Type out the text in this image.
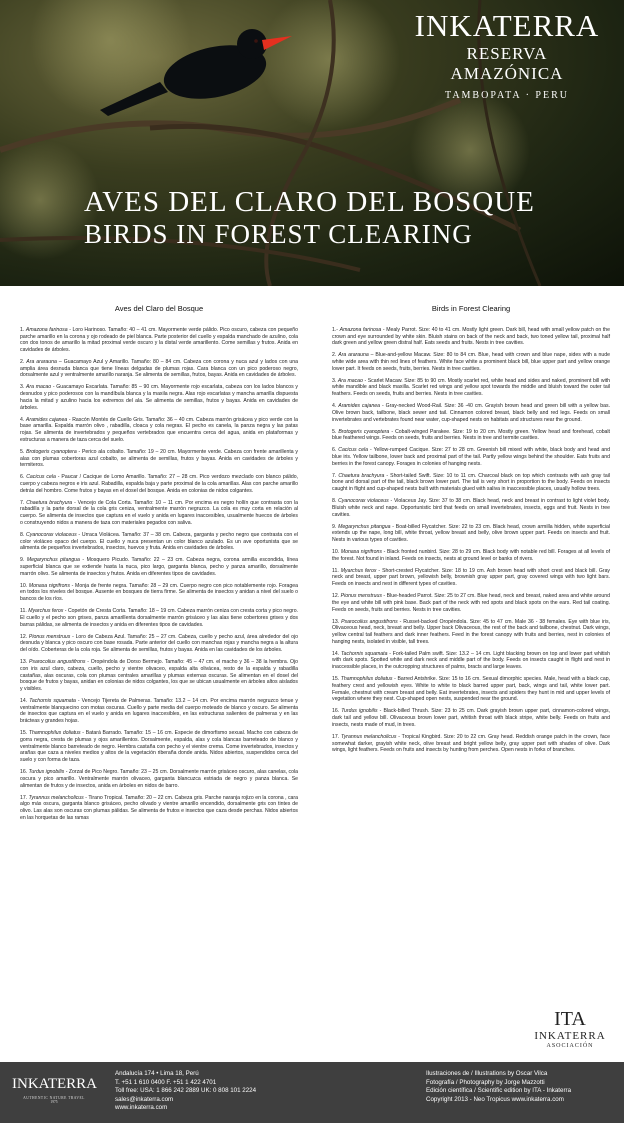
INKATERRA
RESERVA AMAZÓNICA
TAMBOPATA · PERU
AVES DEL CLARO DEL BOSQUE
BIRDS IN FOREST CLEARING
Aves del Claro del Bosque

1. Amazona farinosa - Loro Harinoso. Tamaño: 40 – 41 cm. Mayormente verde pálido. Pico oscuro, cabeza con pequeño parche amarillo en la corona y ojo rodeado de piel blanca. Parte posterior del cuello y espalda manchado de azulino, cola con dos tonos de amarillo la mitad proximal verde oscuro y la distal verde amarillento. Come semillas y frutos. Anida en cavidades de árboles.

2. Ara ararauna – Guacamayo Azul y Amarillo. Tamaño: 80 – 84 cm. Cabeza con corona y nuca azul y lados con una amplia área desnuda blanca que tiene líneas delgadas de plumas rojas. Cara blanca con un pico poderoso negro, dorsalmente azul y ventralmente amarillo naranja. Se alimenta de semillas, frutos, bayas. Anida en cavidades de árboles.

3. Ara macao - Guacamayo Escarlata. Tamaño: 85 – 90 cm. Mayormente rojo escarlata, cabeza con los lados blancos y desnudos y pico poderosos con la mandíbula blanca y la maxila negra. Alas rojo escarlatas y mancha amarilla dispuesta hacia la mitad y azulino hacia los extremos del ala. Se alimenta de semillas, frutos y bayas. Anida en cavidades de árboles.

4. Aramides cajanea - Rascón Montés de Cuello Gris. Tamaño: 36 – 40 cm. Cabeza marrón grisácea y pico verde con la base amarilla. Espalda marrón olivo , rabadilla, cloaca y cola negras. El pecho es canela, la panza negra y las patas rojas. Se alimenta de invertebrados y pequeños vertebrados que encuentra cerca del agua, anida en plataformas y estructuras a manera de taza cerca del suelo.

5. Brotogeris cyanoptera - Perico ala cobalto. Tamaño: 19 – 20 cm. Mayormente verde. Cabeza con frente amarillenta y alas con plumas cobertoras azul cobalto, se alimenta de semillas, frutos y bayas. Anida en cavidades de árboles y termiteros.

6. Cacicus cela - Paucar / Cacique de Lomo Amarillo. Tamaño: 27 – 28 cm. Pico verdozo mezclado con blanco pálido, cuerpo y cabeza negros e iris azul. Rabadilla, espalda baja y parte proximal de la cola amarillas. Alas con parche amarillo detrás del hombro. Come frutos y bayas en el dosel del bosque. Anida en colonias de nidos colgantes.

7. Chaetura brachyura - Vencejo de Cola Corta. Tamaño: 10 – 11 cm. Por encima es negro hollín que contrasta con la rabadilla y la parte dorsal de la cola gris ceniza, ventralmente marrón negruzco. La cola es muy corta en relación al cuerpo. Se alimenta de insectos que captura en el vuelo y anida en lugares inaccesibles, usualmente huecos de árboles o construyendo nidos a manera de taza con materiales pegados con saliva.

8. Cyanocorax violaceus - Urraca Violácea. Tamaño: 37 – 38 cm. Cabeza, garganta y pecho negro que contrasta con el color violáceo opaco del cuerpo. El cuello y nuca presentan un color blanco azulado. Es un ave oportunista que se alimenta de pequeños invertebrados, insectos, huevos y fruta. Anida en cavidades de árboles.

9. Megarynchus pitangua - Mosquero Picudo. Tamaño: 22 – 23 cm. Cabeza negra, corona armilla escondida, línea superficial blanca que se extiende hasta la nuca, pico largo, garganta blanca, pecho y panza amarillo, dorsalmente marrón olivo. Se alimenta de insectos y frutos. Anida en diferentes tipos de cavidades.

10. Monasa nigrifrons - Monja de frente negra. Tamaño: 28 – 29 cm. Cuerpo negro con pico notablemente rojo. Foragea en todos los niveles del bosque. Ausente en bosques de tierra firme. Se alimenta de insectos y anidan a nivel del suelo o bancos de los ríos.

11. Myarchus ferox - Copetón de Cresta Corta. Tamaño: 18 – 19 cm. Cabeza marrón ceniza con cresta corta y pico negro. El cuello y el pecho son grises, panza amarillenta dorsalmente marrón grisáceo y las alas tiene cobertores grises y dos barras pálidas, se alimenta de insectos y anida en diferentes tipos de cavidades.

12. Pionus menstruus - Loro de Cabeza Azul. Tamaño: 25 – 27 cm. Cabeza, cuello y pecho azul, área alrededor del ojo desnuda y blanca y pico oscuro con base rosada. Parte anterior del cuello con manchas rojas y mancha negra a la altura del oído. Coberteras de la cola roja. Se alimenta de semillas, frutos y bayas. Anida en las cavidades de los árboles.

13. Psarocolius angustifrons - Oropéndola de Dorso Bermejo. Tamaño: 45 – 47 cm. el macho y 36 – 38 la hembra. Ojo con iris azul claro, cabeza, cuello, pecho y vientre olivaceo, espalda alta olivácea, resto de la espalda y rabadilla castañas, alas oscuras, cola con plumas centrales amarillas y plumas externas oscuras. Se alimentan en el dosel del bosque de frutos y bayas, anidan en colonias de nidos colgantes, los que se ubican usualmente en árboles altos aislados y visibles.

14. Tachornis squamata - Vencejo Tijereta de Palmeras. Tamaño: 13.2 – 14 cm. Por encima marrón negruzco tenue y ventralmente blanquecino con motas oscuras. Cuello y parte media del cuerpo moteado de blanco y oscuro. Se alimenta de insectos que captura en el vuelo y anida en lugares inaccesibles, en las estructuras salientes de palmeras y en las brácteas y grandes hojas.

15. Thamnophilus doliatus - Batará Barrado. Tamaño: 15 – 16 cm. Especie de dimorfismo sexual. Macho con cabeza de gorra negra, cresta de plumas y ojos amarillentos. Dorsalmente, espalda, alas y cola blancas barreteado de blanco y ventralmente blanco barreteado de negro. Hembra castaña con pecho y el vientre crema. Come invertebrados, insectos y arañas que caza a niveles medios y altos de la vegetación riberaña donde anida. Nidos abiertos, suspendidos cerca del suelo y con forma de taza.

16. Turdus ignobilis - Zorzal de Pico Negro. Tamaño: 23 – 25 cm. Dorsalmente marrón grisáceo oscuro, alas canelas, cola oscura y pico amarillo. Ventralmente marrón olivaceo, garganta blancuzca estriada de negro y panza blanca. Se alimentan de frutos y de insectos, anida en árboles en nidos de barro.

17. Tyrannus melancholicus - Tirano Tropical. Tamaño: 20 – 22 cm. Cabeza gris. Parche naranja rojizo en la corona , cara algo más oscura, garganta blanco grisáceo, pecho olivado y vientre amarillo encendido, dorsalmente gris con tintes de olivo. Las alas son oscuras con plumas pálidas. Se alimenta de frutos e insectos que caza desde perchas. Nidos abiertos en las horquetas de las ramas

Birds in Forest Clearing

1.- Amazona farinosa - Mealy Parrot. Size: 40 to 41 cm. Mostly light green. Dark bill, head with small yellow patch on the crown and eye surrounded by white skin. Bluish stains on back of the neck and back, two toned yellow tail, proximal half dark green and yellow green distral half. Eats seeds and fruits. Nests in tree cavities.

2. Ara ararauna – Blue-and-yellow Macaw. Size: 80 to 84 cm. Blue, head with crown and blue nape, sides with a nude white wide area with thin red lines of feathers. White face white a prominent black bill, blue upper part and yellow orange lower part. It feeds on seeds, fruits, berries. Nests in tree cavities.

3. Ara macao - Scarlet Macaw. Size: 85 to 90 cm. Mostly scarlet red, white head and sides and naked, prominent bill with white mandible and black maxilla. Scarlet red wings and yellow spot towards the middle and bluish toward the outer tail feathers. Feeds on seeds, fruits and berries. Nests in tree cavities.

4. Aramides cajanea - Gray-necked Wood-Rail. Size: 36 -40 cm. Grayish brown head and green bill with a yellow bas. Olive brown back, tailbone, black sewer and tail. Cinnamon colored breast, black belly and red legs. Feeds on small invertebrates and vertebrates found near water, cup-shaped nests on habitats and structures near the ground.

5. Brotogeris cyanoptera - Cobalt-winged Parakee. Size: 19 to 20 cm. Mostly green. Yellow head and forehead, cobalt blue feathered wings. Feeds on seeds, fruits and berries. Nests in tree and termite cavities.

6. Cacicus cela - Yellow-rumped Cacique. Size: 27 to 28 cm. Greenish bill mixed with white, black body and head and blue iris. Yellow tailbone, lower back and proximal part of the tail. Partly yellow wings behind the shoulder. Eats fruits and berries in the forest canopy. Forages in colonies of hanging nests.

7. Chaetura brachyura - Short-tailed Swift. Size: 10 to 11 cm. Charcoal black on top which contrasts with ash gray tail bone and dorsal part of the tail, black brown lower part. The tail is very short in proportion to the body. Feeds on insects caught in flight and cup-shaped nests built with materials glued with saliva in inaccessible places, usually hollow trees.

8. Cyanocorax violaceus - Violaceus Jay. Size: 37 to 38 cm. Black head, neck and breast in contrast to light violet body. Bluish white neck and nape. Opportunistic bird that feeds on small invertebrates, insects, eggs and fruit. Nests in tree cavities.

9. Megarynchus pitangua - Boat-billed Flycatcher. Size: 22 to 23 cm. Black head, crown armilla hidden, white superficial extends up the nape, long bill, white throat, yellow breast and belly, olive brown upper part. Feeds on insects and fruit. Nests in various types of cavities.

10. Monasa nigrifrons - Black fronted nunbird. Size: 28 to 29 cm. Black body with notable red bill. Forages at all levels of the forest. Not found in inland. Feeds on insects, nests at ground level or banks of rivers.

11. Myarchus ferox - Short-crested Flycatcher. Size: 18 to 19 cm. Ash brown head with short crest and black bill. Gray neck and breast, upper part brown, yellowish belly, brownish gray upper part, gray covered wings with two light bars. Feeds on insects and nest in different types of cavities.

12. Pionus menstruus - Blue-headed Parrot. Size: 25 to 27 cm. Blue head, neck and breast, naked area and white around the eye and white bill with pink base. Back part of the neck with red spots and black spots on the ears. Red tail coating. Feeds on seeds, fruits and berries. Nests in tree cavities.

13. Psarocolius angustifrons - Russet-backed Oropéndola. Size: 45 to 47 cm. Male 36 - 38 females. Eye with blue iris, Olivaceous head, neck, breast and belly. Upper back Olivaceous, the rest of the back and tailbone, chestnut. Dark wings, yellow central tail feathers and dark inner feathers. Feed in the forest canopy with fruits and berries, nest in colonies of hanging nests, isolated in visible, tall trees.

14. Tachornis squamata - Fork-tailed Palm swift. Size: 13.2 – 14 cm. Light blacking brown on top and lower part whitish with dark spots. Spotted white and dark neck and middle part of the body. Feeds on insects caught in flight and nest in inaccessible places, in the outcropping structures of palms, bracts and large leaves.

15. Thamnophilus doliatus - Barred Antshrike. Size: 15 to 16 cm. Sexual dimorphic species. Male, head with a black cap, feathery crest and yellowish eyes. White to white to black barred upper part, back, wings and tail, white lower part. Female, chestnut with cream breast and belly. Eat invertebrates, insects and spiders they hunt in mid and upper levels of vegetation where they nest. Cup-shaped open nests, suspended near the ground.

16. Turdus ignobilis - Black-billed Thrush. Size: 23 to 25 cm. Dark grayish brown upper part, cinnamon-colored wings, dark tail and yellow bill. Olivaceous brown lower part, whitish throat with black stripe, white belly. Feeds on fruits and insects, nests made of mud, in trees.

17. Tyrannus melancholicus - Tropical Kingbird. Size: 20 to 22 cm. Gray head. Reddish orange patch in the crown, face somewhat darker, grayish white neck, olive breast and bright yellow belly, gray upper part with shades of olive. Dark wings, light feathers. Feeds on fruits and insects by hunting from perches. Open nests in forks of branches.

ITA
INKATERRA
ASOCIACIÓN
INKATERRA
AUTHENTIC NATURE TRAVEL
1975
Andalucía 174 • Lima 18, Perú
T. +51 1 610 0400 F. +51 1 422 4701
Toll free: USA: 1 866 242 2889 UK: 0 808 101 2224
sales@inkaterra.com
www.inkaterra.com
Ilustraciones de / Illustrations by Oscar Vilca
Fotografía / Photography by Jorge Mazzotti
Edición científica / Scientific edition by ITA - Inkaterra
Copyright 2013 - Neo Tropicus www.inkaterra.com
